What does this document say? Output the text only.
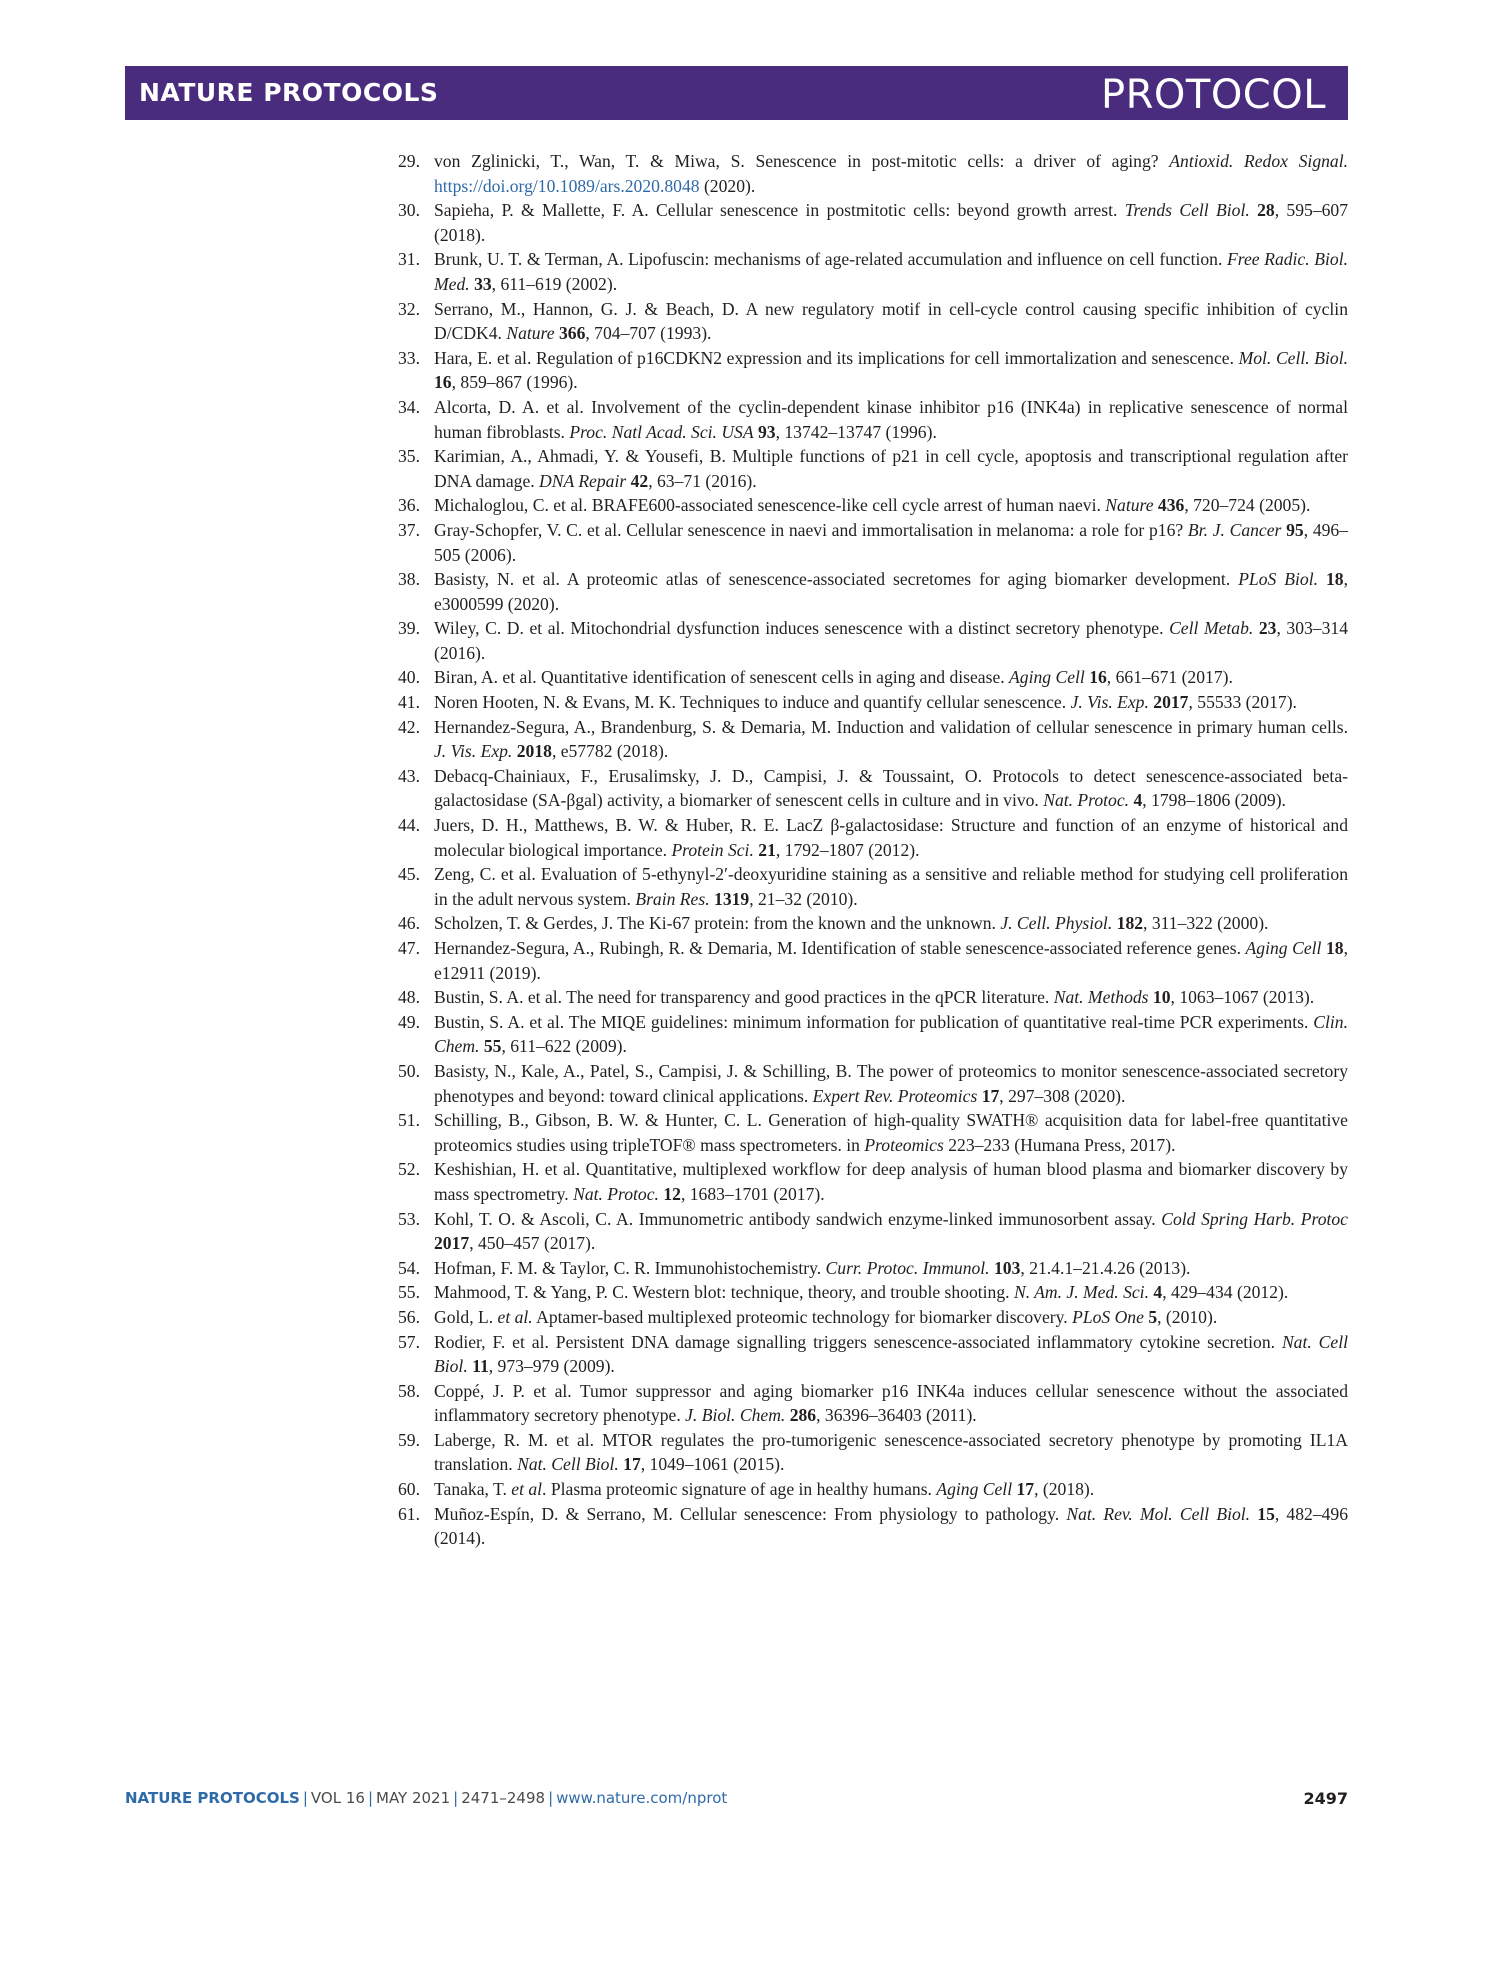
NATURE PROTOCOLS	PROTOCOL
29. von Zglinicki, T., Wan, T. & Miwa, S. Senescence in post-mitotic cells: a driver of aging? Antioxid. Redox Signal. https://doi.org/10.1089/ars.2020.8048 (2020).
30. Sapieha, P. & Mallette, F. A. Cellular senescence in postmitotic cells: beyond growth arrest. Trends Cell Biol. 28, 595–607 (2018).
31. Brunk, U. T. & Terman, A. Lipofuscin: mechanisms of age-related accumulation and influence on cell function. Free Radic. Biol. Med. 33, 611–619 (2002).
32. Serrano, M., Hannon, G. J. & Beach, D. A new regulatory motif in cell-cycle control causing specific inhibition of cyclin D/CDK4. Nature 366, 704–707 (1993).
33. Hara, E. et al. Regulation of p16CDKN2 expression and its implications for cell immortalization and senescence. Mol. Cell. Biol. 16, 859–867 (1996).
34. Alcorta, D. A. et al. Involvement of the cyclin-dependent kinase inhibitor p16 (INK4a) in replicative senescence of normal human fibroblasts. Proc. Natl Acad. Sci. USA 93, 13742–13747 (1996).
35. Karimian, A., Ahmadi, Y. & Yousefi, B. Multiple functions of p21 in cell cycle, apoptosis and transcriptional regulation after DNA damage. DNA Repair 42, 63–71 (2016).
36. Michaloglou, C. et al. BRAFE600-associated senescence-like cell cycle arrest of human naevi. Nature 436, 720–724 (2005).
37. Gray-Schopfer, V. C. et al. Cellular senescence in naevi and immortalisation in melanoma: a role for p16? Br. J. Cancer 95, 496–505 (2006).
38. Basisty, N. et al. A proteomic atlas of senescence-associated secretomes for aging biomarker development. PLoS Biol. 18, e3000599 (2020).
39. Wiley, C. D. et al. Mitochondrial dysfunction induces senescence with a distinct secretory phenotype. Cell Metab. 23, 303–314 (2016).
40. Biran, A. et al. Quantitative identification of senescent cells in aging and disease. Aging Cell 16, 661–671 (2017).
41. Noren Hooten, N. & Evans, M. K. Techniques to induce and quantify cellular senescence. J. Vis. Exp. 2017, 55533 (2017).
42. Hernandez-Segura, A., Brandenburg, S. & Demaria, M. Induction and validation of cellular senescence in primary human cells. J. Vis. Exp. 2018, e57782 (2018).
43. Debacq-Chainiaux, F., Erusalimsky, J. D., Campisi, J. & Toussaint, O. Protocols to detect senescence-associated beta-galactosidase (SA-βgal) activity, a biomarker of senescent cells in culture and in vivo. Nat. Protoc. 4, 1798–1806 (2009).
44. Juers, D. H., Matthews, B. W. & Huber, R. E. LacZ β-galactosidase: Structure and function of an enzyme of historical and molecular biological importance. Protein Sci. 21, 1792–1807 (2012).
45. Zeng, C. et al. Evaluation of 5-ethynyl-2′-deoxyuridine staining as a sensitive and reliable method for studying cell proliferation in the adult nervous system. Brain Res. 1319, 21–32 (2010).
46. Scholzen, T. & Gerdes, J. The Ki-67 protein: from the known and the unknown. J. Cell. Physiol. 182, 311–322 (2000).
47. Hernandez-Segura, A., Rubingh, R. & Demaria, M. Identification of stable senescence-associated reference genes. Aging Cell 18, e12911 (2019).
48. Bustin, S. A. et al. The need for transparency and good practices in the qPCR literature. Nat. Methods 10, 1063–1067 (2013).
49. Bustin, S. A. et al. The MIQE guidelines: minimum information for publication of quantitative real-time PCR experiments. Clin. Chem. 55, 611–622 (2009).
50. Basisty, N., Kale, A., Patel, S., Campisi, J. & Schilling, B. The power of proteomics to monitor senescence-associated secretory phenotypes and beyond: toward clinical applications. Expert Rev. Proteomics 17, 297–308 (2020).
51. Schilling, B., Gibson, B. W. & Hunter, C. L. Generation of high-quality SWATH® acquisition data for label-free quantitative proteomics studies using tripleTOF® mass spectrometers. in Proteomics 223–233 (Humana Press, 2017).
52. Keshishian, H. et al. Quantitative, multiplexed workflow for deep analysis of human blood plasma and biomarker discovery by mass spectrometry. Nat. Protoc. 12, 1683–1701 (2017).
53. Kohl, T. O. & Ascoli, C. A. Immunometric antibody sandwich enzyme-linked immunosorbent assay. Cold Spring Harb. Protoc 2017, 450–457 (2017).
54. Hofman, F. M. & Taylor, C. R. Immunohistochemistry. Curr. Protoc. Immunol. 103, 21.4.1–21.4.26 (2013).
55. Mahmood, T. & Yang, P. C. Western blot: technique, theory, and trouble shooting. N. Am. J. Med. Sci. 4, 429–434 (2012).
56. Gold, L. et al. Aptamer-based multiplexed proteomic technology for biomarker discovery. PLoS One 5, (2010).
57. Rodier, F. et al. Persistent DNA damage signalling triggers senescence-associated inflammatory cytokine secretion. Nat. Cell Biol. 11, 973–979 (2009).
58. Coppé, J. P. et al. Tumor suppressor and aging biomarker p16 INK4a induces cellular senescence without the associated inflammatory secretory phenotype. J. Biol. Chem. 286, 36396–36403 (2011).
59. Laberge, R. M. et al. MTOR regulates the pro-tumorigenic senescence-associated secretory phenotype by promoting IL1A translation. Nat. Cell Biol. 17, 1049–1061 (2015).
60. Tanaka, T. et al. Plasma proteomic signature of age in healthy humans. Aging Cell 17, (2018).
61. Muñoz-Espín, D. & Serrano, M. Cellular senescence: From physiology to pathology. Nat. Rev. Mol. Cell Biol. 15, 482–496 (2014).
NATURE PROTOCOLS | VOL 16 | MAY 2021 | 2471–2498 | www.nature.com/nprot	2497
